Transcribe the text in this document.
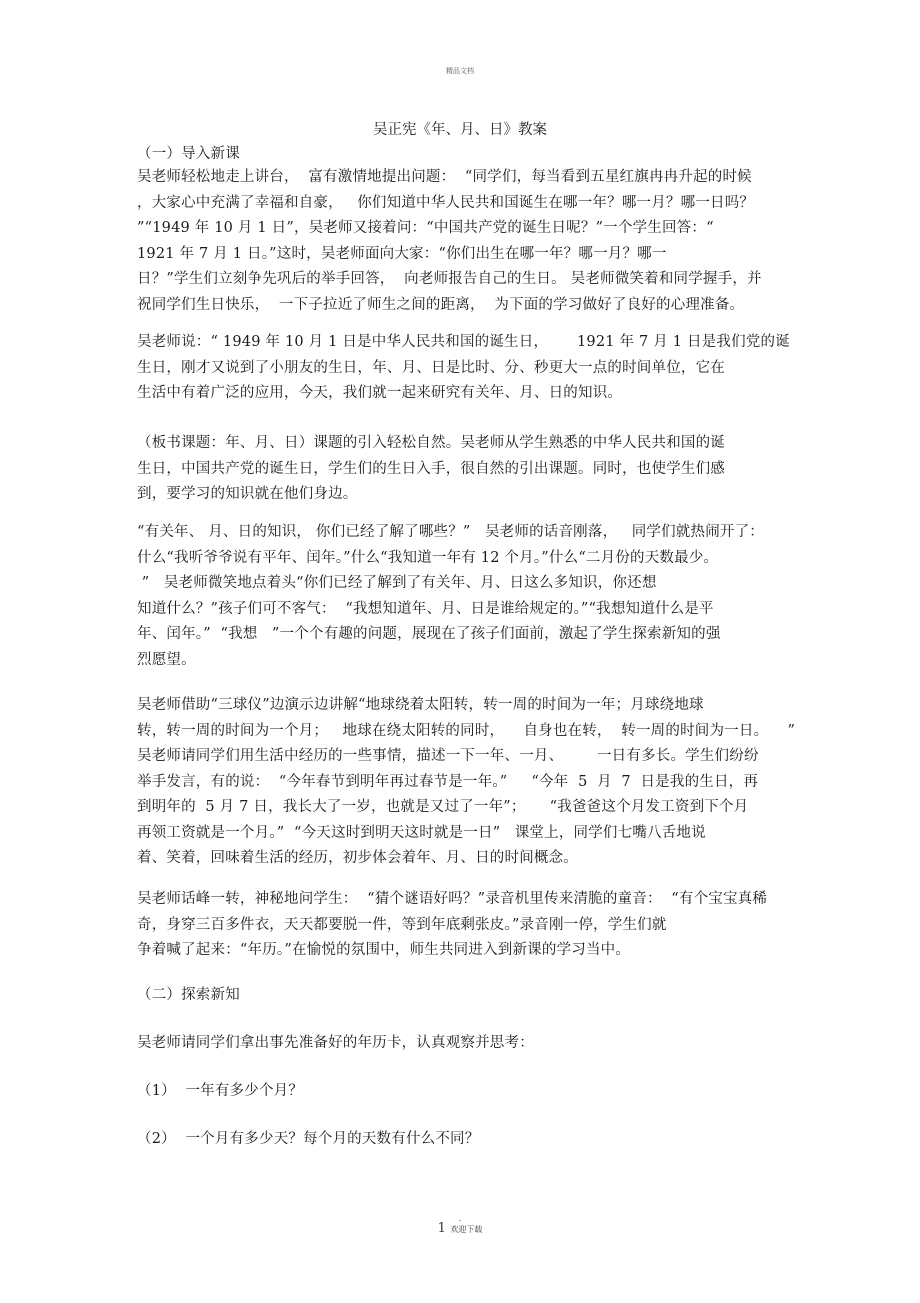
精品文档
吴正宪《年、月、日》教案
（一）导入新课
吴老师轻松地走上讲台，  富有激情地提出问题：  “同学们，每当看到五星红旗冉冉升起的时候
，大家心中充满了幸福和自豪，   你们知道中华人民共和国诞生在哪一年？哪一月？哪一日吗？
”“1949 年 10 月 1 日”，吴老师又接着问：“中国共产党的诞生日呢？”一个学生回答：“
1921 年 7 月 1 日。”这时，吴老师面向大家：“你们出生在哪一年？哪一月？哪一
日？”学生们立刻争先巩后的举手回答，  向老师报告自己的生日。 吴老师微笑着和同学握手，并
祝同学们生日快乐，  一下子拉近了师生之间的距离，  为下面的学习做好了良好的心理准备。
吴老师说：“ 1949 年 10 月 1 日是中华人民共和国的诞生日，      1921 年 7 月 1 日是我们党的诞
生日，刚才又说到了小朋友的生日，年、月、日是比时、分、秒更大一点的时间单位，它在
生活中有着广泛的应用，今天，我们就一起来研究有关年、月、日的知识。
（板书课题：年、月、日）课题的引入轻松自然。吴老师从学生熟悉的中华人民共和国的诞
生日，中国共产党的诞生日，学生们的生日入手，很自然的引出课题。同时，也使学生们感
到，要学习的知识就在他们身边。
“有关年、 月、日的知识， 你们已经了解了哪些？”   吴老师的话音刚落，   同学们就热闹开了：
什么“我听爷爷说有平年、闰年。”什么“我知道一年有 12 个月。”什么“二月份的天数最少。
”   吴老师微笑地点着头“你们已经了解到了有关年、月、日这么多知识，你还想
知道什么？”孩子们可不客气：  “我想知道年、月、日是谁给规定的。”“我想知道什么是平
年、闰年。”  “我想   ”一个个有趣的问题，展现在了孩子们面前，激起了学生探索新知的强
烈愿望。
吴老师借助“三球仪”边演示边讲解“地球绕着太阳转，转一周的时间为一年；月球绕地球
转，转一周的时间为一个月；   地球在绕太阳转的同时，    自身也在转，  转一周的时间为一日。    ”
吴老师请同学们用生活中经历的一些事情，描述一下一年、一月、       一日有多长。学生们纷纷
举手发言，有的说：  “今年春节到明年再过春节是一年。”     “今年  5  月  7  日是我的生日，再
到明年的  5 月 7 日，我长大了一岁，也就是又过了一年”；     “我爸爸这个月发工资到下个月
再领工资就是一个月。”  “今天这时到明天这时就是一日”   课堂上，同学们七嘴八舌地说
着、笑着，回味着生活的经历，初步体会着年、月、日的时间概念。
吴老师话峰一转，神秘地问学生：  “猜个谜语好吗？”录音机里传来清脆的童音：  “有个宝宝真稀
奇，身穿三百多件衣，天天都要脱一件，等到年底剩张皮。”录音刚一停，学生们就
争着喊了起来：“年历。”在愉悦的氛围中，师生共同进入到新课的学习当中。
（二）探索新知
吴老师请同学们拿出事先准备好的年历卡，认真观察并思考：
（1）  一年有多少个月？
（2）  一个月有多少天？每个月的天数有什么不同？
.
1 欢迎下载
